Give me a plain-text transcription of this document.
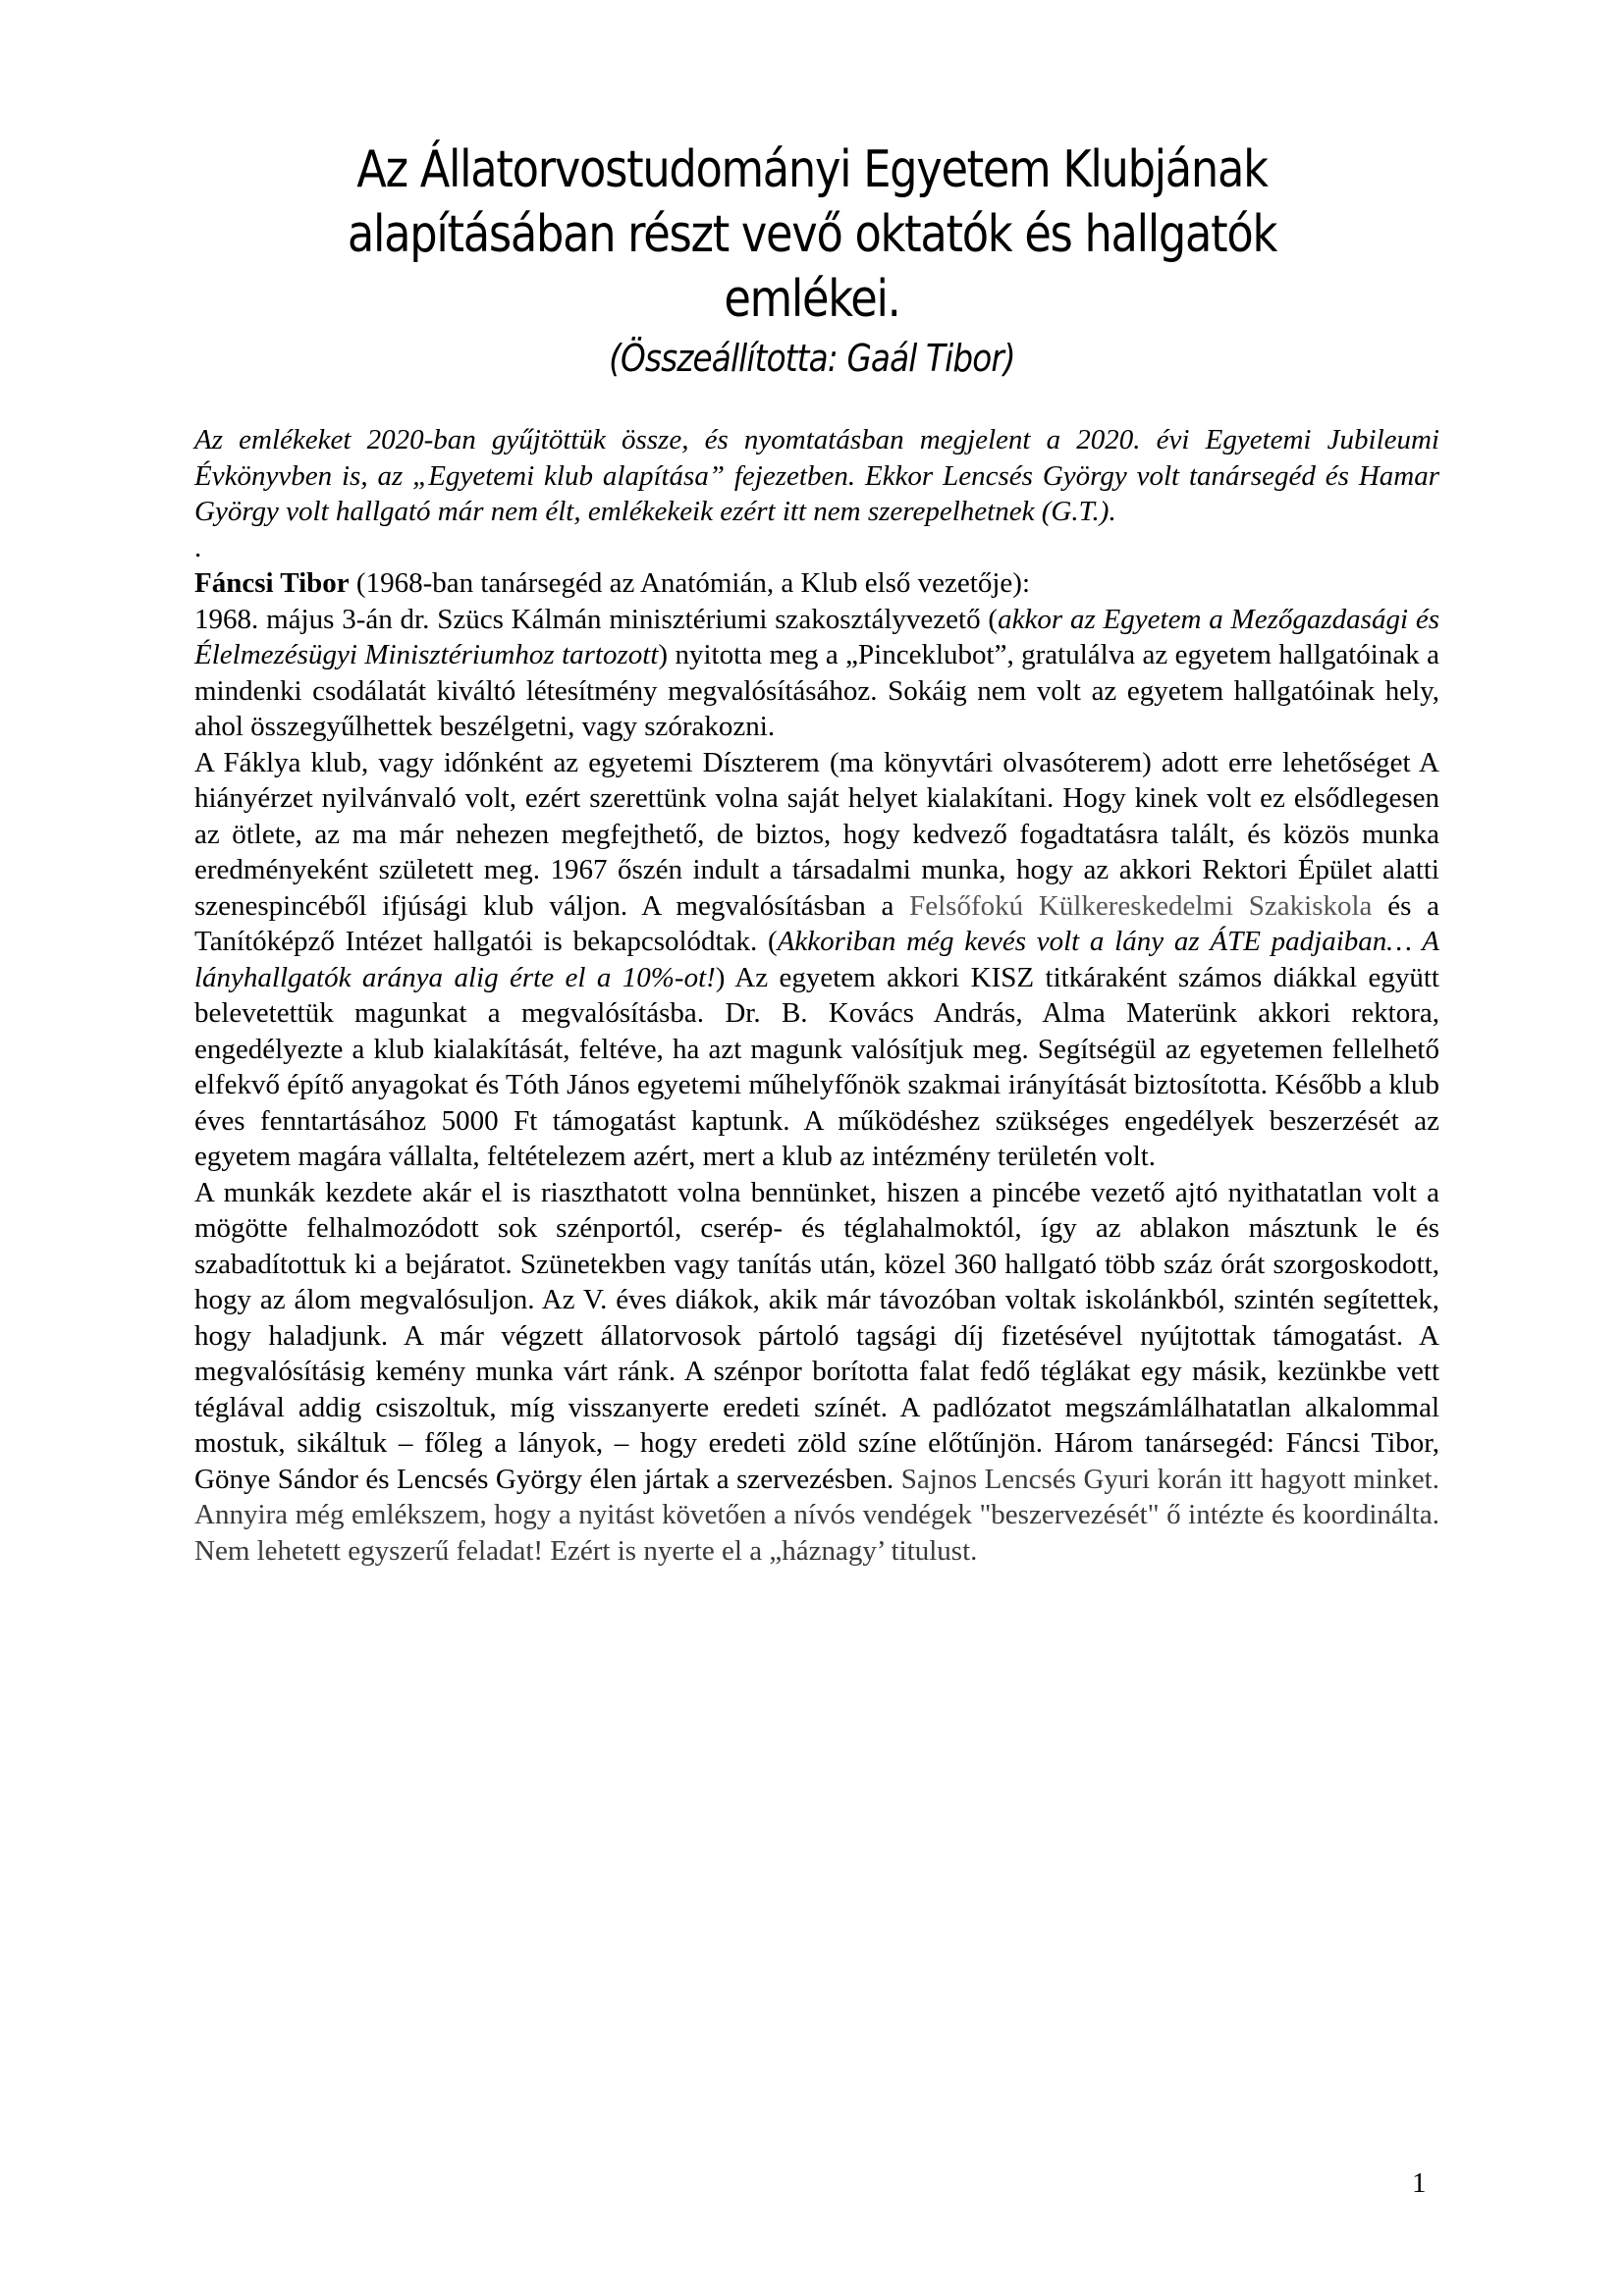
Az Állatorvostudományi Egyetem Klubjának alapításában részt vevő oktatók és hallgatók emlékei.
(Összeállította: Gaál Tibor)

Az emlékeket 2020-ban gyűjtöttük össze, és nyomtatásban megjelent a 2020. évi Egyetemi Jubileumi Évkönyvben is, az „Egyetemi klub alapítása” fejezetben. Ekkor Lencsés György volt tanársegéd és Hamar György volt hallgató már nem élt, emlékekeik ezért itt nem szerepelhetnek (G.T.).

.

Fáncsi Tibor (1968-ban tanársegéd az Anatómián, a Klub első vezetője):

1968. május 3-án dr. Szücs Kálmán minisztériumi szakosztályvezető (akkor az Egyetem a Mezőgazdasági és Élelmezésügyi Minisztériumhoz tartozott) nyitotta meg a „Pinceklubot”, gratulálva az egyetem hallgatóinak a mindenki csodálatát kiváltó létesítmény megvalósításához. Sokáig nem volt az egyetem hallgatóinak hely, ahol összegyűlhettek beszélgetni, vagy szórakozni.

A Fáklya klub, vagy időnként az egyetemi Díszterem (ma könyvtári olvasóterem) adott erre lehetőséget A hiányérzet nyilvánvaló volt, ezért szerettünk volna saját helyet kialakítani. Hogy kinek volt ez elsődlegesen az ötlete, az ma már nehezen megfejthető, de biztos, hogy kedvező fogadtatásra talált, és közös munka eredményeként született meg. 1967 őszén indult a társadalmi munka, hogy az akkori Rektori Épület alatti szenespincéből ifjúsági klub váljon. A megvalósításban a Felsőfokú Külkereskedelmi Szakiskola és a Tanítóképző Intézet hallgatói is bekapcsolódtak. (Akkoriban még kevés volt a lány az ÁTE padjaiban… A lányhallgatók aránya alig érte el a 10%-ot!) Az egyetem akkori KISZ titkáraként számos diákkal együtt belevetettük magunkat a megvalósításba. Dr. B. Kovács András, Alma Materünk akkori rektora, engedélyezte a klub kialakítását, feltéve, ha azt magunk valósítjuk meg. Segítségül az egyetemen fellelhető elfekvő építő anyagokat és Tóth János egyetemi műhelyfőnök szakmai irányítását biztosította. Később a klub éves fenntartásához 5000 Ft támogatást kaptunk. A működéshez szükséges engedélyek beszerzését az egyetem magára vállalta, feltételezem azért, mert a klub az intézmény területén volt.

A munkák kezdete akár el is riaszthatott volna bennünket, hiszen a pincébe vezető ajtó nyithatatlan volt a mögötte felhalmozódott sok szénportól, cserép- és téglahalmoktól, így az ablakon másztunk le és szabadítottuk ki a bejáratot. Szünetekben vagy tanítás után, közel 360 hallgató több száz órát szorgoskodott, hogy az álom megvalósuljon. Az V. éves diákok, akik már távozóban voltak iskolánkból, szintén segítettek, hogy haladjunk. A már végzett állatorvosok pártoló tagsági díj fizetésével nyújtottak támogatást. A megvalósításig kemény munka várt ránk. A szénpor borította falat fedő téglákat egy másik, kezünkbe vett téglával addig csiszoltuk, míg visszanyerte eredeti színét. A padlózatot megszámlálhatatlan alkalommal mostuk, sikáltuk – főleg a lányok, – hogy eredeti zöld színe előtűnjön. Három tanársegéd: Fáncsi Tibor, Gönye Sándor és Lencsés György élen jártak a szervezésben. Sajnos Lencsés Gyuri korán itt hagyott minket. Annyira még emlékszem, hogy a nyitást követően a nívós vendégek "beszervezését" ő intézte és koordinálta. Nem lehetett egyszerű feladat! Ezért is nyerte el a „háznagy’ titulust.

1
